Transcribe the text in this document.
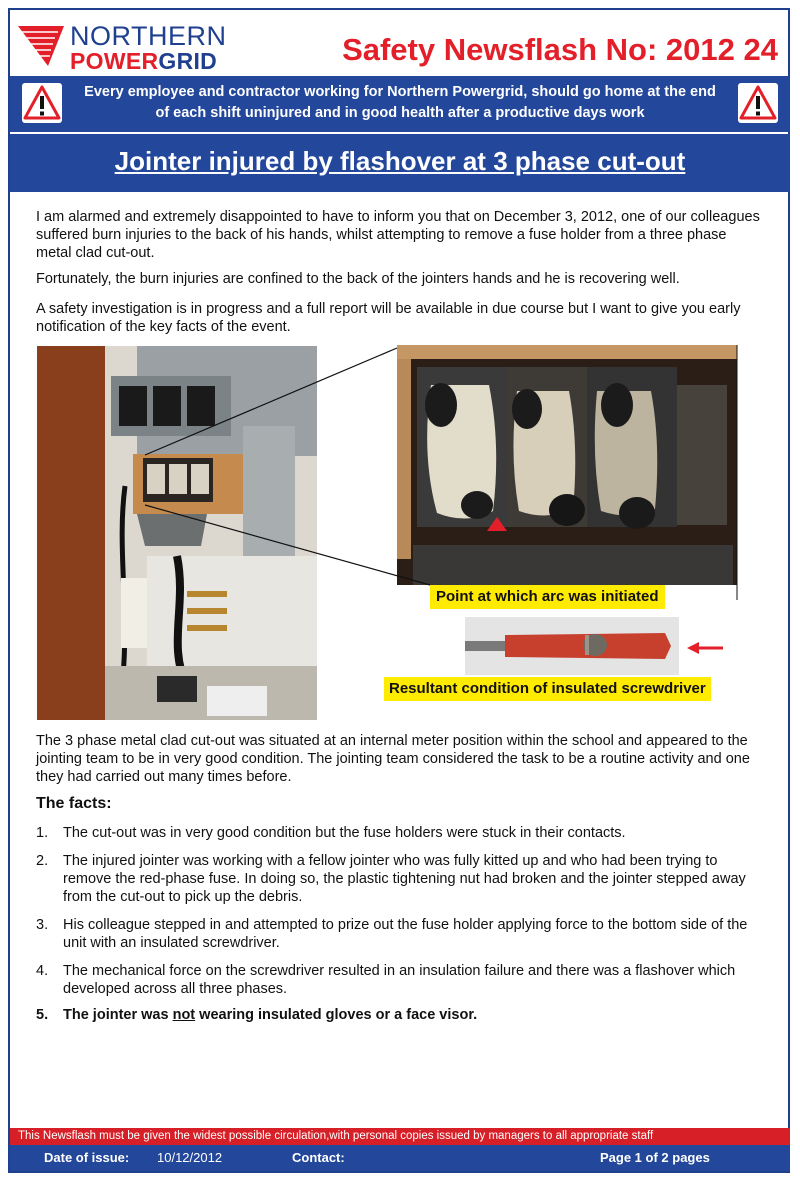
NORTHERN
POWERGRID	Safety Newsflash No: 2012 24
Every employee and contractor working for Northern Powergrid, should go home at the end of each shift uninjured and in good health after a productive days work
Jointer injured by flashover at 3 phase cut-out
I am alarmed and extremely disappointed to have to inform you that on December 3, 2012, one of our colleagues suffered burn injuries to the back of his hands, whilst attempting to remove a fuse holder from a three phase metal clad cut-out.
Fortunately, the burn injuries are confined to the back of the jointers hands and he is recovering well.
A safety investigation is in progress and a full report will be available in due course but I want to give you early notification of the key facts of the event.
Point at which arc was initiated
Resultant condition of insulated screwdriver
The 3 phase metal clad cut-out was situated at an internal meter position within the school and appeared to the jointing team to be in very good condition. The jointing team considered the task to be a routine activity and one they had carried out many times before.
The facts:
1.	The cut-out was in very good condition but the fuse holders were stuck in their contacts.
2.	The injured jointer was working with a fellow jointer who was fully kitted up and who had been trying to remove the red-phase fuse. In doing so, the plastic tightening nut had broken and the jointer stepped away from the cut-out to pick up the debris.
3.	His colleague stepped in and attempted to prize out the fuse holder applying force to the bottom side of the unit with an insulated screwdriver.
4.	The mechanical force on the screwdriver resulted in an insulation failure and there was a flashover which developed across all three phases.
5.	The jointer was not wearing insulated gloves or a face visor.
This Newsflash must be given the widest possible circulation,with personal copies issued by managers to all appropriate staff
Date of issue: 10/12/2012	Contact:	Page 1 of 2 pages
